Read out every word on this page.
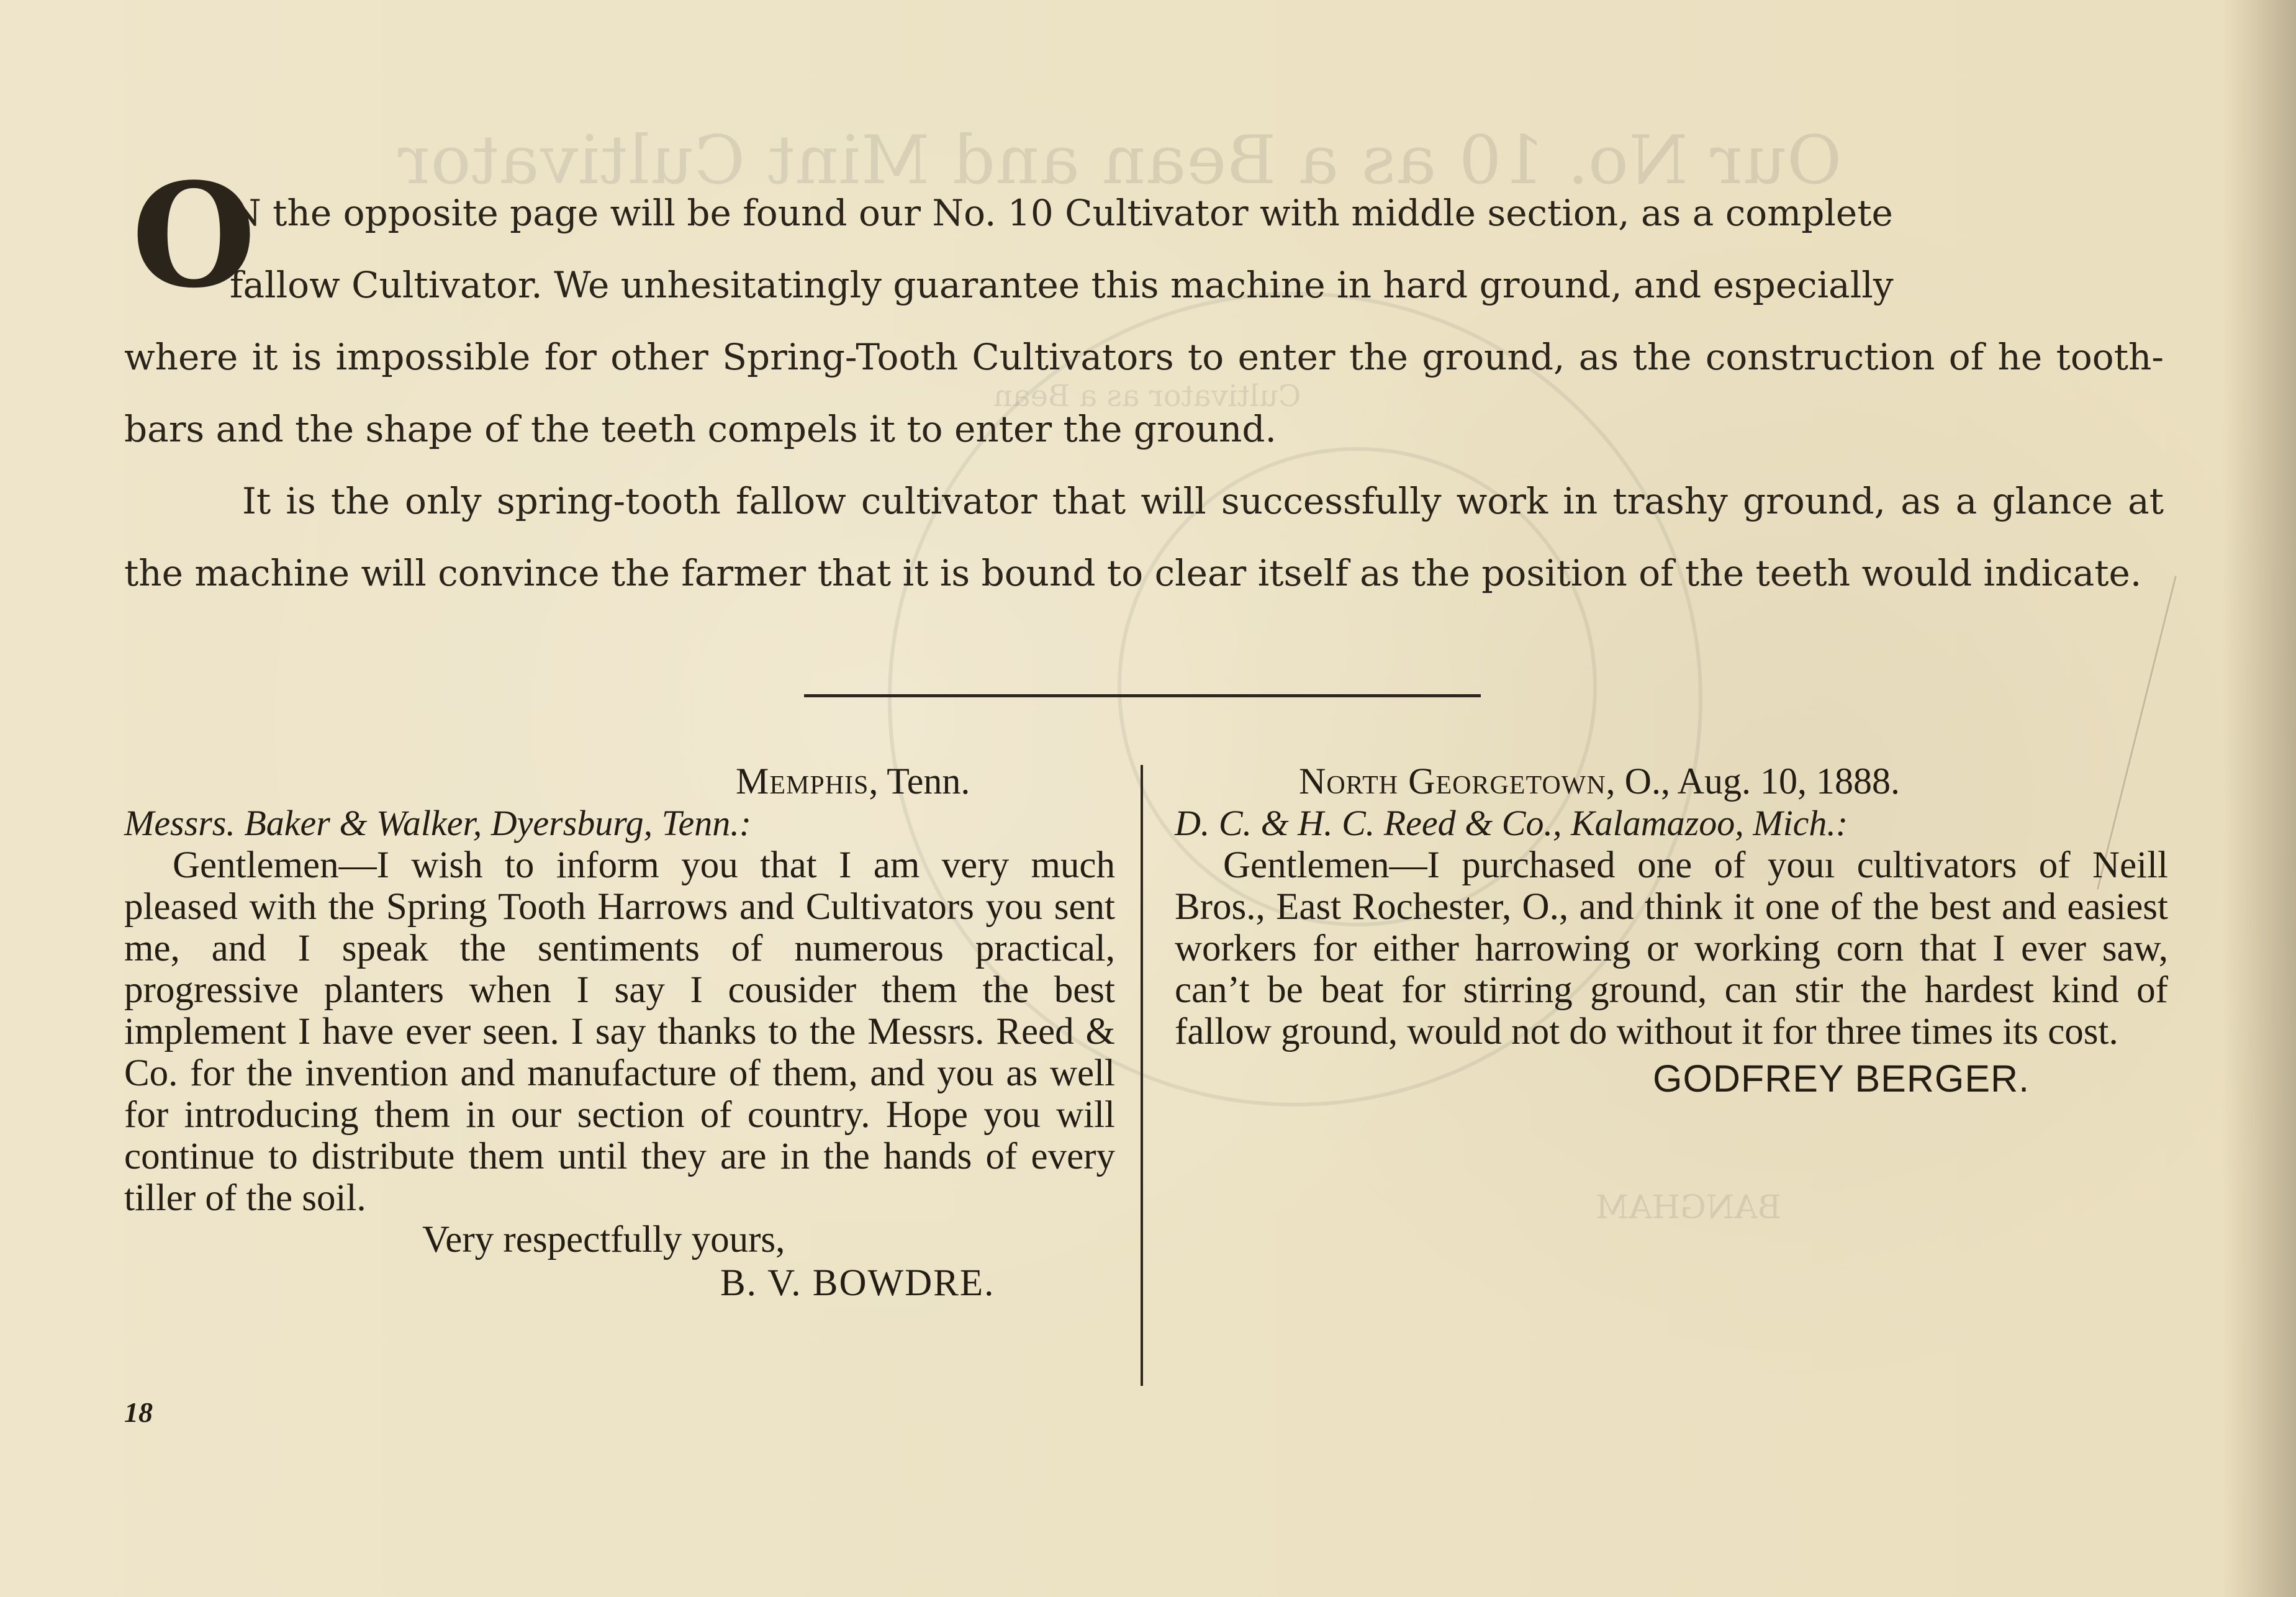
Our No. 10 as a Bean and Mint Cultivator
Cultivator as a Bean
BANGHAM
O

N the opposite page will be found our No. 10 Cultivator with middle section, as a complete

fallow Cultivator. We unhesitatingly guarantee this machine in hard ground, and especially

where it is impossible for other Spring-Tooth Cultivators to enter the ground, as the construction of he tooth-bars and the shape of the teeth compels it to enter the ground.

It is the only spring-tooth fallow cultivator that will successfully work in trashy ground, as a glance at the machine will convince the farmer that it is bound to clear itself as the position of the teeth would indicate.

Memphis, Tenn.
Messrs. Baker & Walker, Dyersburg, Tenn.:

Gentlemen—I wish to inform you that I am very much pleased with the Spring Tooth Harrows and Cultivators you sent me, and I speak the sentiments of numerous practical, progressive planters when I say I cousider them the best implement I have ever seen. I say thanks to the Messrs. Reed & Co. for the invention and manufacture of them, and you as well for introducing them in our section of country. Hope you will continue to distribute them until they are in the hands of every tiller of the soil.

Very respectfully yours,
B. V. BOWDRE.
North Georgetown, O., Aug. 10, 1888.
D. C. & H. C. Reed & Co., Kalamazoo, Mich.:

Gentlemen—I purchased one of youı cultivators of Neill Bros., East Rochester, O., and think it one of the best and easiest workers for either harrowing or working corn that I ever saw, can’t be beat for stirring ground, can stir the hardest kind of fallow ground, would not do without it for three times its cost.

GODFREY BERGER.
18
